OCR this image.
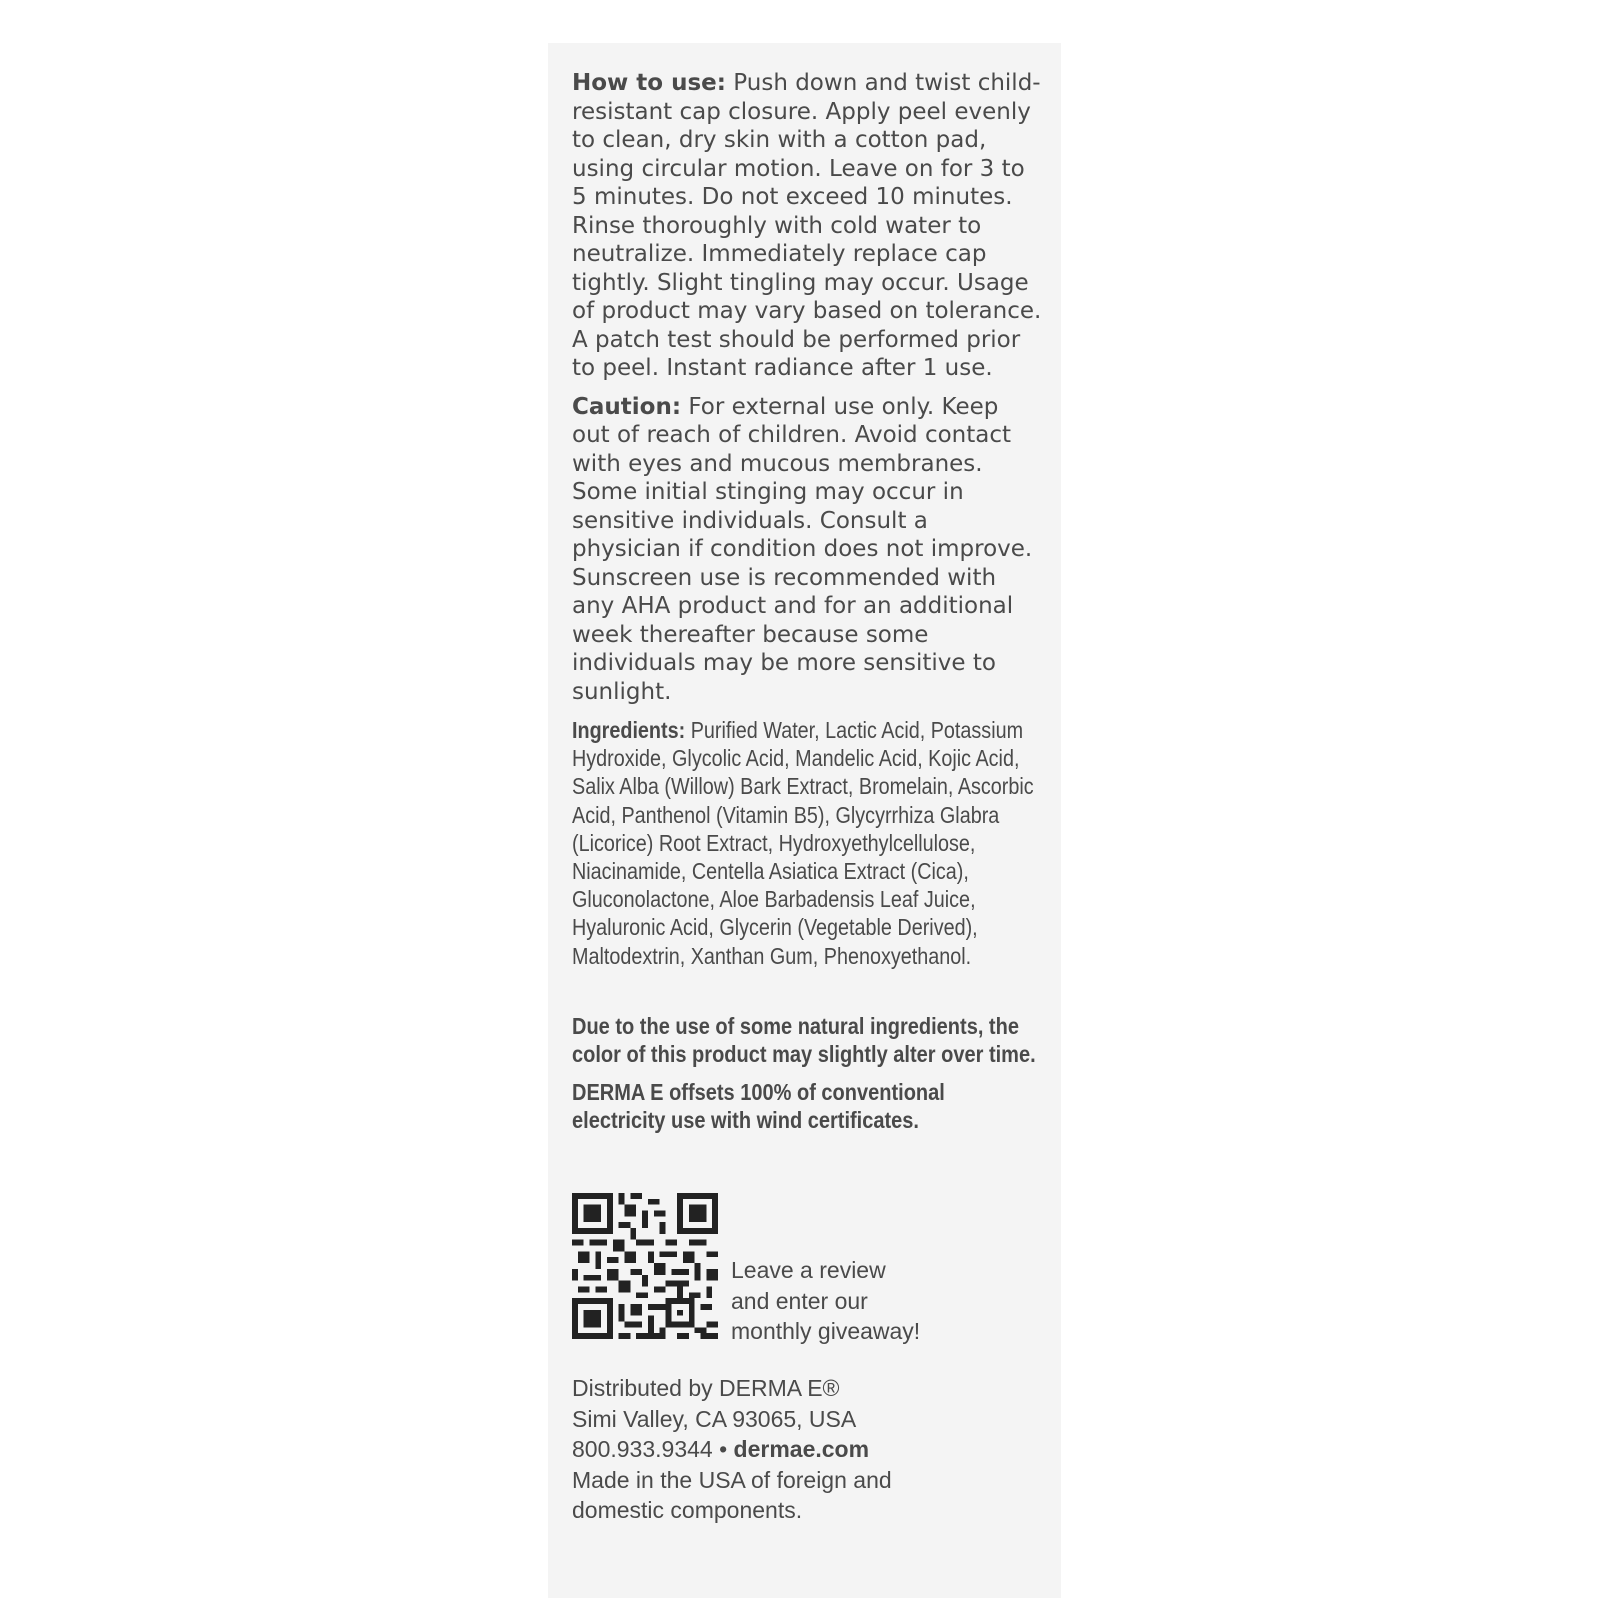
How to use: Push down and twist child-resistant cap closure. Apply peel evenly to clean, dry skin with a cotton pad, using circular motion. Leave on for 3 to 5 minutes. Do not exceed 10 minutes. Rinse thoroughly with cold water to neutralize. Immediately replace cap tightly. Slight tingling may occur. Usage of product may vary based on tolerance. A patch test should be performed prior to peel. Instant radiance after 1 use.

Caution: For external use only. Keep out of reach of children. Avoid contact with eyes and mucous membranes. Some initial stinging may occur in sensitive individuals. Consult a physician if condition does not improve. Sunscreen use is recommended with any AHA product and for an additional week thereafter because some individuals may be more sensitive to sunlight.

Ingredients: Purified Water, Lactic Acid, Potassium Hydroxide, Glycolic Acid, Mandelic Acid, Kojic Acid, Salix Alba (Willow) Bark Extract, Bromelain, Ascorbic Acid, Panthenol (Vitamin B5), Glycyrrhiza Glabra (Licorice) Root Extract, Hydroxyethylcellulose, Niacinamide, Centella Asiatica Extract (Cica), Gluconolactone, Aloe Barbadensis Leaf Juice, Hyaluronic Acid, Glycerin (Vegetable Derived), Maltodextrin, Xanthan Gum, Phenoxyethanol.

Due to the use of some natural ingredients, the color of this product may slightly alter over time.

DERMA E offsets 100% of conventional electricity use with wind certificates.

Leave a review
and enter our
monthly giveaway!
Distributed by DERMA E®
Simi Valley, CA 93065, USA
800.933.9344 • dermae.com
Made in the USA of foreign and
domestic components.
